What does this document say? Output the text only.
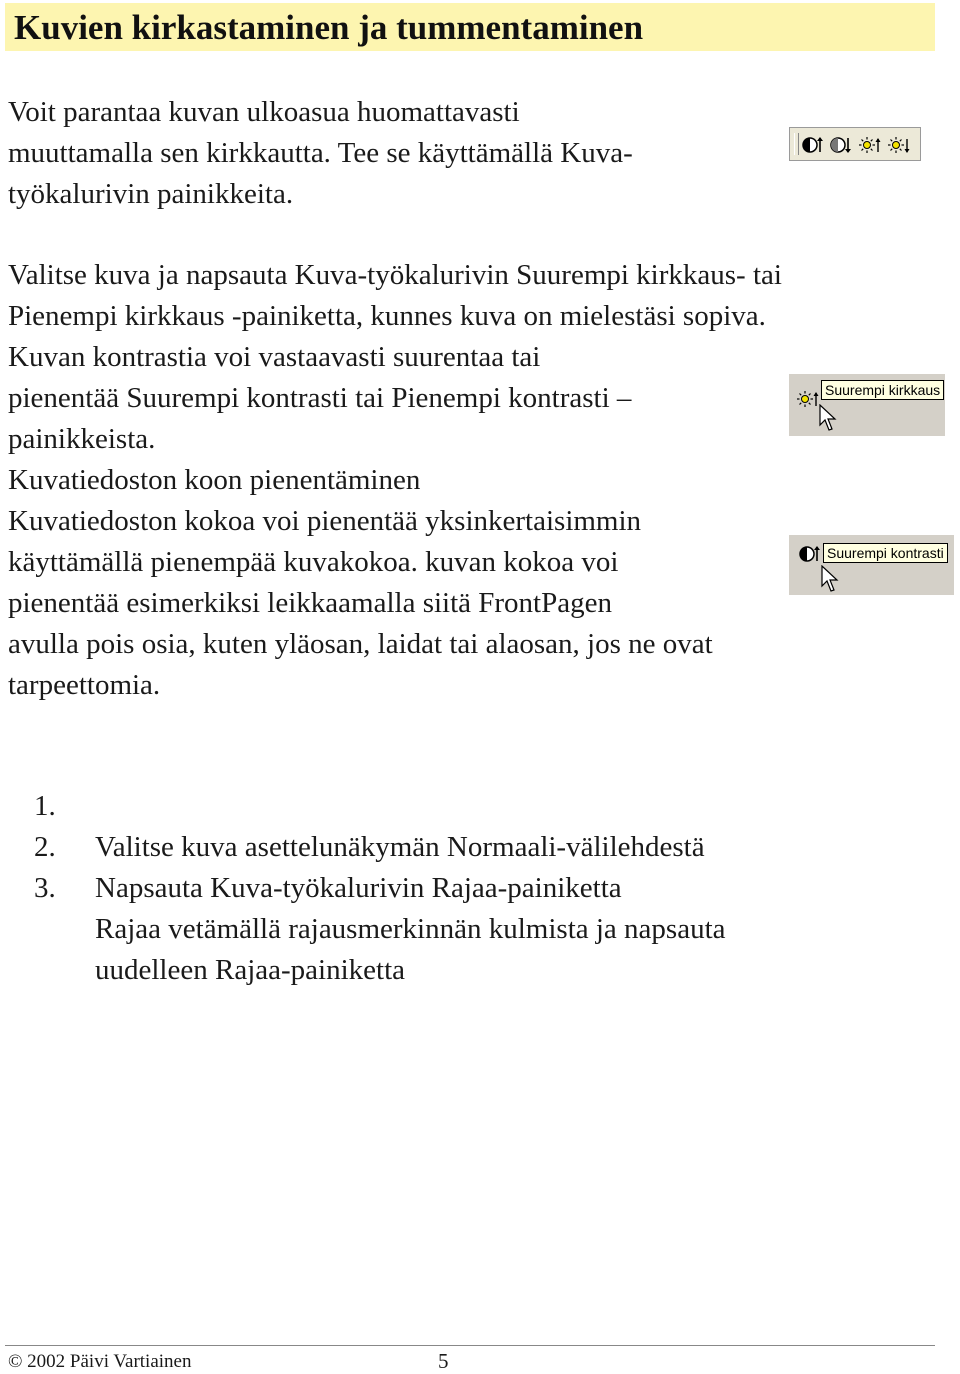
Kuvien kirkastaminen ja tummentaminen

Voit parantaa kuvan ulkoasua huomattavasti

muuttamalla sen kirkkautta. Tee se käyttämällä Kuva-

työkalurivin painikkeita.

Valitse kuva ja napsauta Kuva-työkalurivin Suurempi kirkkaus- tai

Pienempi kirkkaus -painiketta, kunnes kuva on mielestäsi sopiva.

Kuvan kontrastia voi vastaavasti suurentaa tai

pienentää Suurempi kontrasti tai Pienempi kontrasti –

painikkeista.

Kuvatiedoston koon pienentäminen

Kuvatiedoston kokoa voi pienentää yksinkertaisimmin

käyttämällä pienempää kuvakokoa. kuvan kokoa voi

pienentää esimerkiksi leikkaamalla siitä FrontPagen

avulla pois osia, kuten yläosan, laidat tai alaosan, jos ne ovat

tarpeettomia.

1.

Valitse kuva asettelunäkymän Normaali-välilehdestä

2.

Napsauta Kuva-työkalurivin Rajaa-painiketta

3.

Rajaa vetämällä rajausmerkinnän kulmista ja napsauta

uudelleen Rajaa-painiketta

Suurempi kirkkaus
Suurempi kontrasti
© 2002 Päivi Vartiainen	5
